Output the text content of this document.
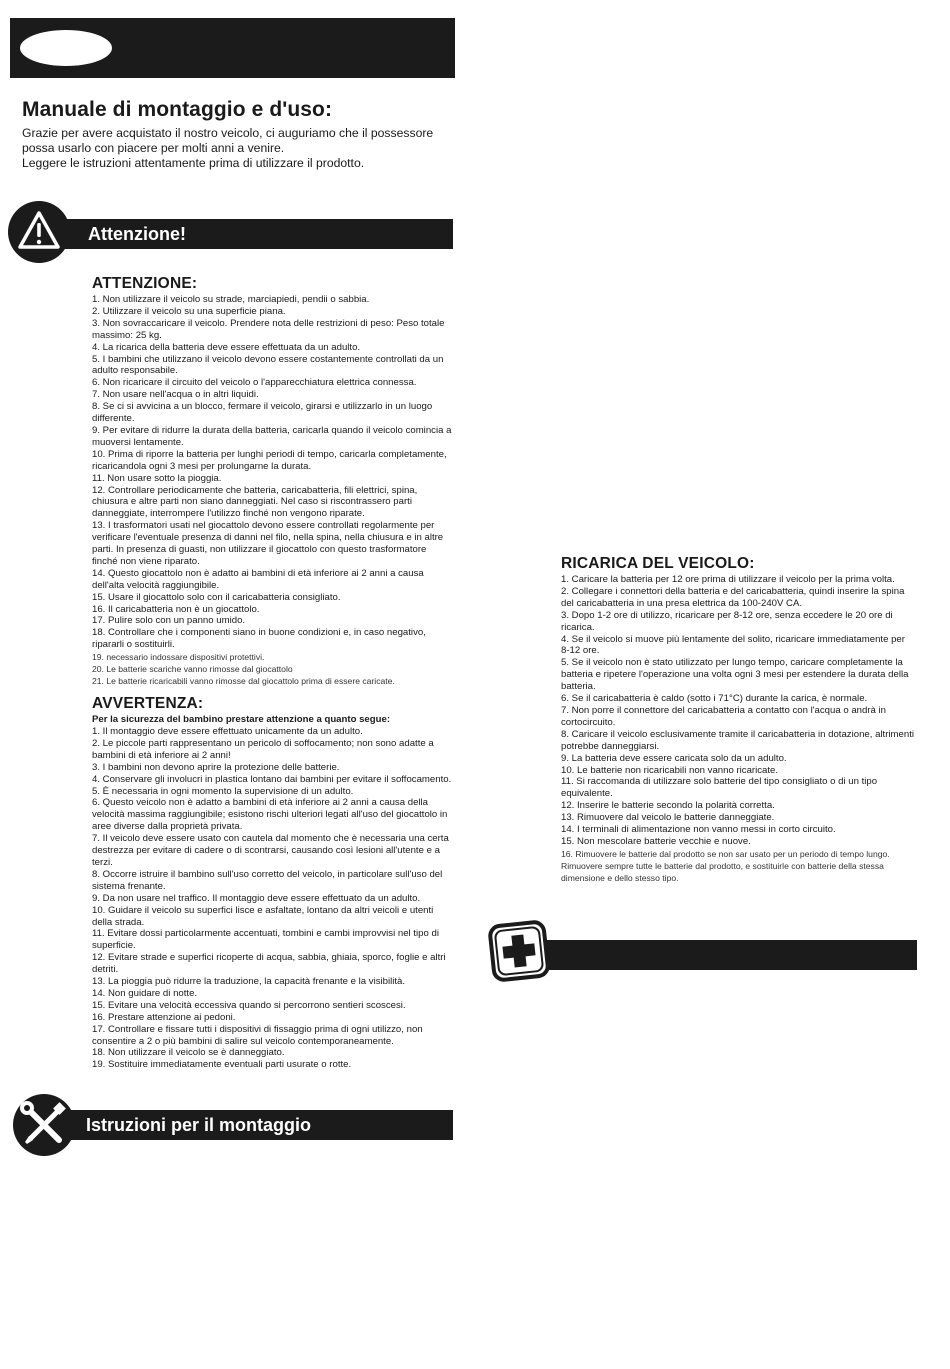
Manuale di montaggio e d'uso:

Grazie per avere acquistato il nostro veicolo, ci auguriamo che il possessore

possa usarlo con piacere per molti anni a venire.

Leggere le istruzioni attentamente prima di utilizzare il prodotto.

Attenzione!
ATTENZIONE:
1. Non utilizzare il veicolo su strade, marciapiedi, pendii o sabbia.
2. Utilizzare il veicolo su una superficie piana.
3. Non sovraccaricare il veicolo. Prendere nota delle restrizioni di peso: Peso totale massimo: 25 kg.
4. La ricarica della batteria deve essere effettuata da un adulto.
5. I bambini che utilizzano il veicolo devono essere costantemente controllati da un adulto responsabile.
6. Non ricaricare il circuito del veicolo o l'apparecchiatura elettrica connessa.
7. Non usare nell'acqua o in altri liquidi.
8. Se ci si avvicina a un blocco, fermare il veicolo, girarsi e utilizzarlo in un luogo differente.
9. Per evitare di ridurre la durata della batteria, caricarla quando il veicolo comincia a muoversi lentamente.
10. Prima di riporre la batteria per lunghi periodi di tempo, caricarla completamente, ricaricandola ogni 3 mesi per prolungarne la durata.
11. Non usare sotto la pioggia.
12. Controllare periodicamente che batteria, caricabatteria, fili elettrici, spina, chiusura e altre parti non siano danneggiati. Nel caso si riscontrassero parti danneggiate, interrompere l'utilizzo finché non vengono riparate.
13. I trasformatori usati nel giocattolo devono essere controllati regolarmente per verificare l'eventuale presenza di danni nel filo, nella spina, nella chiusura e in altre parti. In presenza di guasti, non utilizzare il giocattolo con questo trasformatore finché non viene riparato.
14. Questo giocattolo non è adatto ai bambini di età inferiore ai 2 anni a causa dell'alta velocità raggiungibile.
15. Usare il giocattolo solo con il caricabatteria consigliato.
16. Il caricabatteria non è un giocattolo.
17. Pulire solo con un panno umido.
18. Controllare che i componenti siano in buone condizioni e, in caso negativo, ripararli o sostituirli.
19. necessario indossare dispositivi protettivi.
20. Le batterie scariche vanno rimosse dal giocattolo
21. Le batterie ricaricabili vanno rimosse dal giocattolo prima di essere caricate.
AVVERTENZA:

Per la sicurezza del bambino prestare attenzione a quanto segue:

1. Il montaggio deve essere effettuato unicamente da un adulto.
2. Le piccole parti rappresentano un pericolo di soffocamento; non sono adatte a bambini di età inferiore ai 2 anni!
3. I bambini non devono aprire la protezione delle batterie.
4. Conservare gli involucri in plastica lontano dai bambini per evitare il soffocamento.
5. È necessaria in ogni momento la supervisione di un adulto.
6. Questo veicolo non è adatto a bambini di età inferiore ai 2 anni a causa della velocità massima raggiungibile; esistono rischi ulteriori legati all'uso del giocattolo in aree diverse dalla proprietà privata.
7. Il veicolo deve essere usato con cautela dal momento che è necessaria una certa destrezza per evitare di cadere o di scontrarsi, causando così lesioni all'utente e a terzi.
8. Occorre istruire il bambino sull'uso corretto del veicolo, in particolare sull'uso del sistema frenante.
9. Da non usare nel traffico. Il montaggio deve essere effettuato da un adulto.
10. Guidare il veicolo su superfici lisce e asfaltate, lontano da altri veicoli e utenti della strada.
11. Evitare dossi particolarmente accentuati, tombini e cambi improvvisi nel tipo di superficie.
12. Evitare strade e superfici ricoperte di acqua, sabbia, ghiaia, sporco, foglie e altri detriti.
13. La pioggia può ridurre la traduzione, la capacità frenante e la visibilità.
14. Non guidare di notte.
15. Evitare una velocità eccessiva quando si percorrono sentieri scoscesi.
16. Prestare attenzione ai pedoni.
17. Controllare e fissare tutti i dispositivi di fissaggio prima di ogni utilizzo, non consentire a 2 o più bambini di salire sul veicolo contemporaneamente.
18. Non utilizzare il veicolo se è danneggiato.
19. Sostituire immediatamente eventuali parti usurate o rotte.
Istruzioni per il montaggio
RICARICA DEL VEICOLO:
1. Caricare la batteria per 12 ore prima di utilizzare il veicolo per la prima volta.
2. Collegare i connettori della batteria e del caricabatteria, quindi inserire la spina del caricabatteria in una presa elettrica da 100-240V CA.
3. Dopo 1-2 ore di utilizzo, ricaricare per 8-12 ore, senza eccedere le 20 ore di ricarica.
4. Se il veicolo si muove più lentamente del solito, ricaricare immediatamente per 8-12 ore.
5. Se il veicolo non è stato utilizzato per lungo tempo, caricare completamente la batteria e ripetere l'operazione una volta ogni 3 mesi per estendere la durata della batteria.
6. Se il caricabatteria è caldo (sotto i 71°C) durante la carica, è normale.
7. Non porre il connettore del caricabatteria a contatto con l'acqua o andrà in cortocircuito.
8. Caricare il veicolo esclusivamente tramite il caricabatteria in dotazione, altrimenti potrebbe danneggiarsi.
9. La batteria deve essere caricata solo da un adulto.
10. Le batterie non ricaricabili non vanno ricaricate.
11. Si raccomanda di utilizzare solo batterie del tipo consigliato o di un tipo equivalente.
12. Inserire le batterie secondo la polarità corretta.
13. Rimuovere dal veicolo le batterie danneggiate.
14. I terminali di alimentazione non vanno messi in corto circuito.
15. Non mescolare batterie vecchie e nuove.
16. Rimuovere le batterie dal prodotto se non sar usato per un periodo di tempo lungo. Rimuovere sempre tutte le batterie dal prodotto, e sostituirle con batterie della stessa dimensione e dello stesso tipo.
